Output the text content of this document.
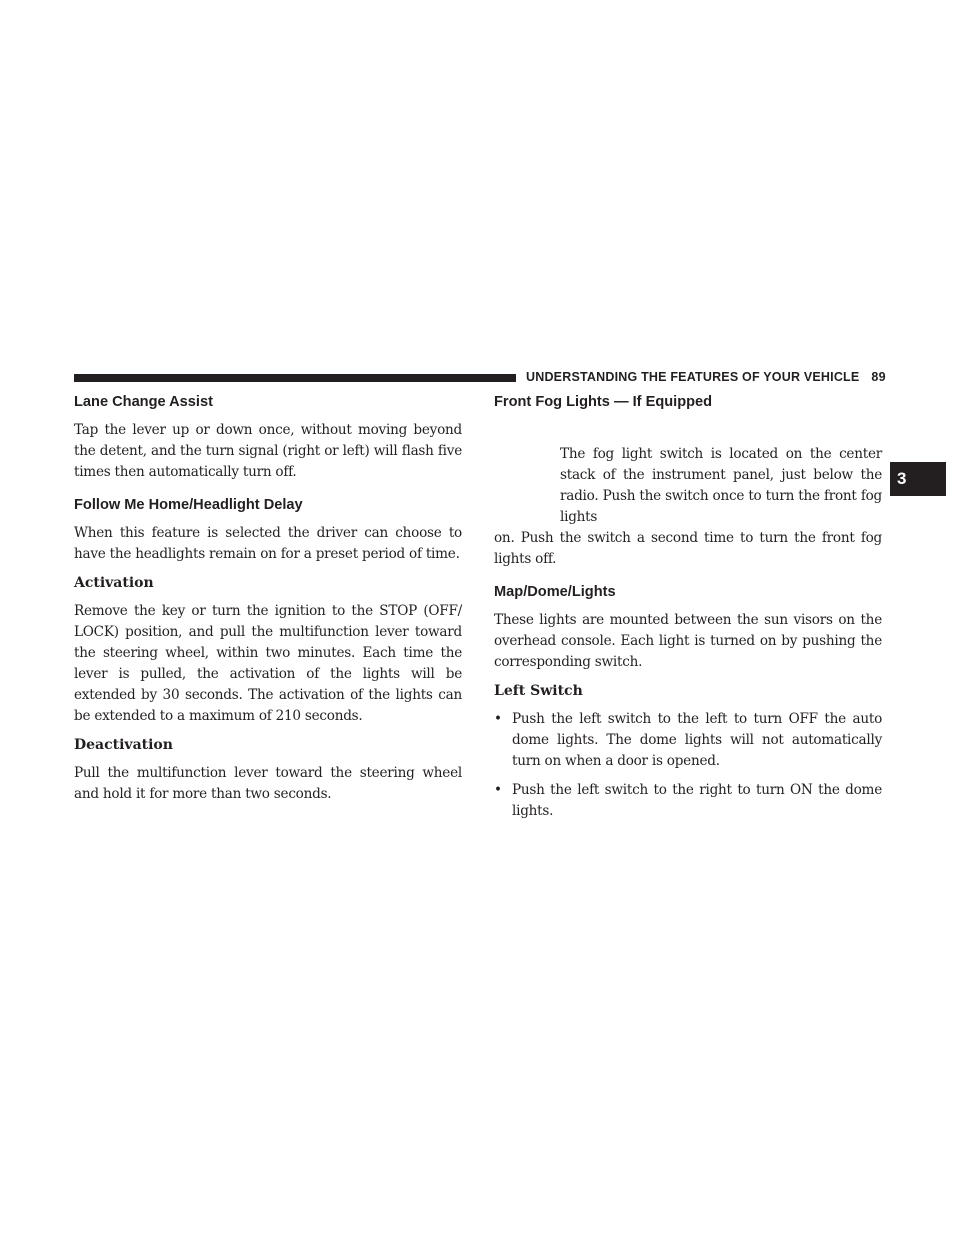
UNDERSTANDING THE FEATURES OF YOUR VEHICLE 89
3
Lane Change Assist

Tap the lever up or down once, without moving beyond the detent, and the turn signal (right or left) will flash five times then automatically turn off.

Follow Me Home/Headlight Delay

When this feature is selected the driver can choose to have the headlights remain on for a preset period of time.

Activation

Remove the key or turn the ignition to the STOP (OFF/ LOCK) position, and pull the multifunction lever toward the steering wheel, within two minutes. Each time the lever is pulled, the activation of the lights will be extended by 30 seconds. The activation of the lights can be extended to a maximum of 210 seconds.

Deactivation

Pull the multifunction lever toward the steering wheel and hold it for more than two seconds.

Front Fog Lights — If Equipped

The fog light switch is located on the center stack of the instrument panel, just below the radio. Push the switch once to turn the front fog lights

on. Push the switch a second time to turn the front fog lights off.

Map/Dome/Lights

These lights are mounted between the sun visors on the overhead console. Each light is turned on by pushing the corresponding switch.

Left Switch
• Push the left switch to the left to turn OFF the auto dome lights. The dome lights will not automatically turn on when a door is opened.
• Push the left switch to the right to turn ON the dome lights.
